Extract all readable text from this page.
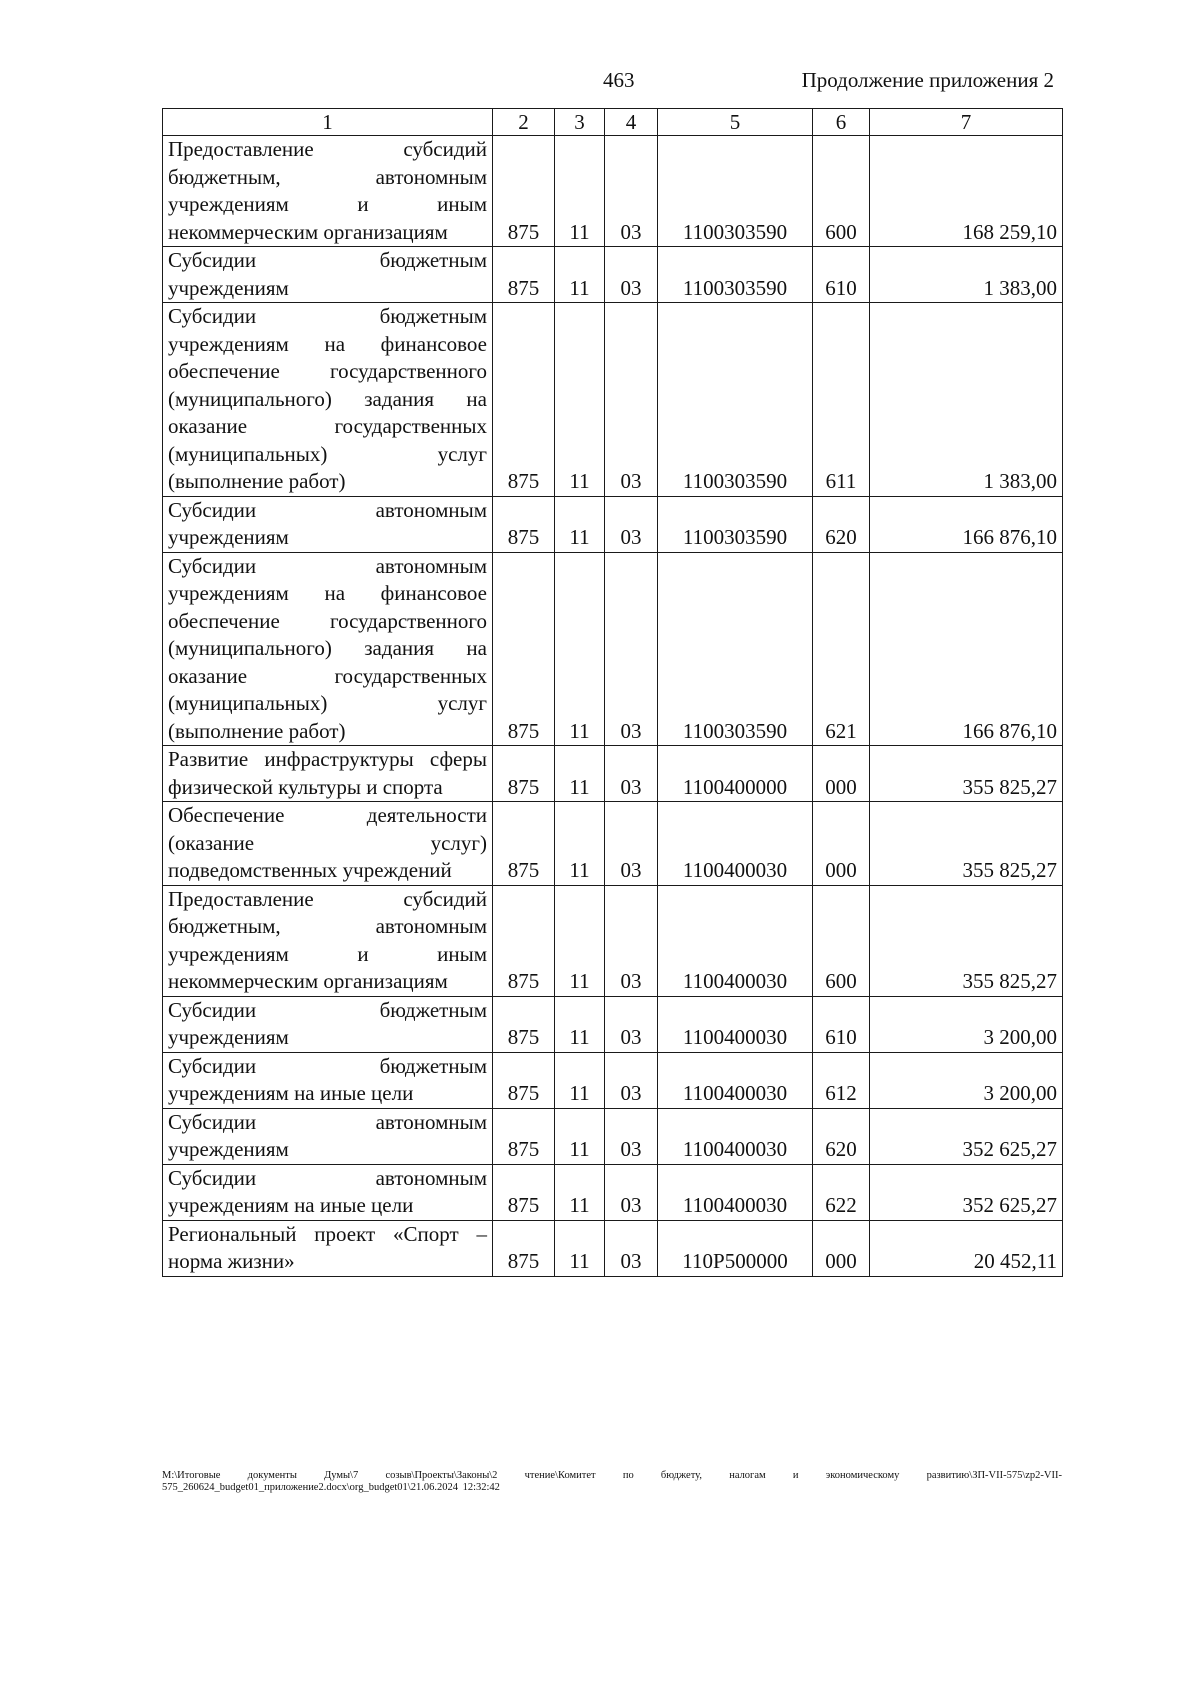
463	Продолжение приложения 2
1	2	3	4	5	6	7

Предоставление субсидий бюджетным, автономным учреждениям и иным некоммерческим организациям	875	11	03	1100303590	600	168 259,10

Субсидии бюджетным учреждениям	875	11	03	1100303590	610	1 383,00

Субсидии бюджетным учреждениям на финансовое обеспечение государственного (муниципального) задания на оказание государственных (муниципальных) услуг (выполнение работ)	875	11	03	1100303590	611	1 383,00

Субсидии автономным учреждениям	875	11	03	1100303590	620	166 876,10

Субсидии автономным учреждениям на финансовое обеспечение государственного (муниципального) задания на оказание государственных (муниципальных) услуг (выполнение работ)	875	11	03	1100303590	621	166 876,10

Развитие инфраструктуры сферы физической культуры и спорта	875	11	03	1100400000	000	355 825,27

Обеспечение деятельности (оказание услуг) подведомственных учреждений	875	11	03	1100400030	000	355 825,27

Предоставление субсидий бюджетным, автономным учреждениям и иным некоммерческим организациям	875	11	03	1100400030	600	355 825,27

Субсидии бюджетным учреждениям	875	11	03	1100400030	610	3 200,00

Субсидии бюджетным учреждениям на иные цели	875	11	03	1100400030	612	3 200,00

Субсидии автономным учреждениям	875	11	03	1100400030	620	352 625,27

Субсидии автономным учреждениям на иные цели	875	11	03	1100400030	622	352 625,27

Региональный проект «Спорт – норма жизни»	875	11	03	110Р500000	000	20 452,11
M:\Итоговые документы Думы\7 созыв\Проекты\Законы\2 чтение\Комитет по бюджету, налогам и экономическому развитию\ЗП-VII-575\zp2-VII-575_260624_budget01_приложение2.docx\org_budget01\21.06.2024 12:32:42
